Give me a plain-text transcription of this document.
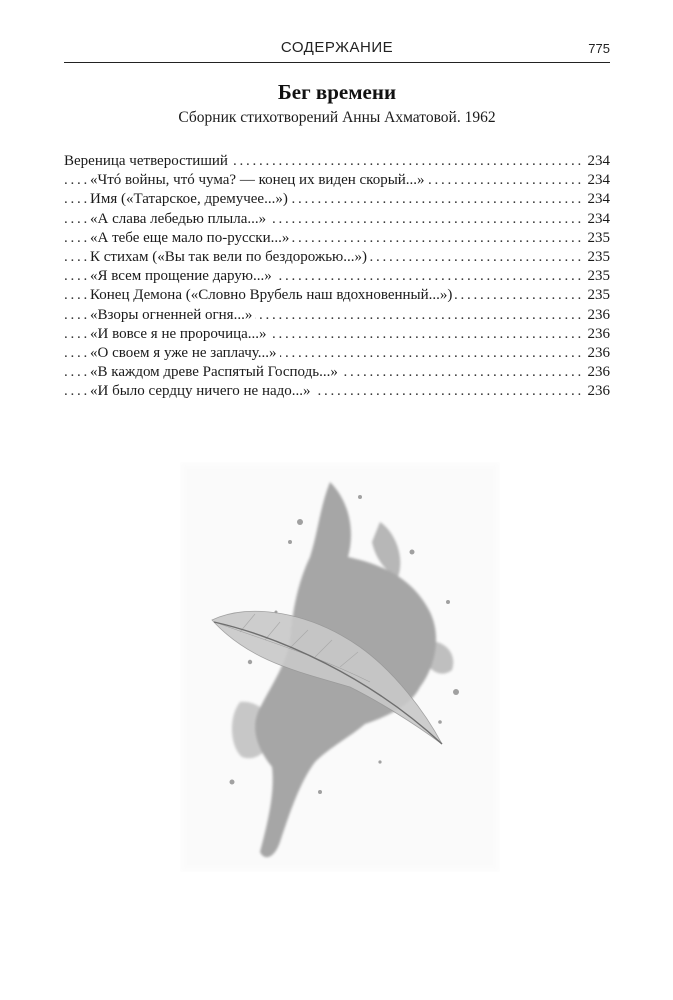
СОДЕРЖАНИЕ	775
Бег времени

Сборник стихотворений Анны Ахматовой. 1962

Вереница четверостиший	234
. . .
«Чтó войны, чтó чума? — конец их виден скорый...»	234
. . .
Имя («Татарское, дремучее...»)	234
. . .
«А слава лебедью плыла...»	234
. . .
«А тебе еще мало по-русски...»	235
. . .
К стихам («Вы так вели по бездорожью...»)	235
. . .
«Я всем прощение дарую...»	235
. . .
Конец Демона («Словно Врубель наш вдохновенный...»)	235
. . .
«Взоры огненней огня...»	236
. . .
«И вовсе я не пророчица...»	236
. . .
«О своем я уже не заплачу...»	236
. . .
«В каждом древе Распятый Господь...»	236
. . .
«И было сердцу ничего не надо...»	236
. . .
